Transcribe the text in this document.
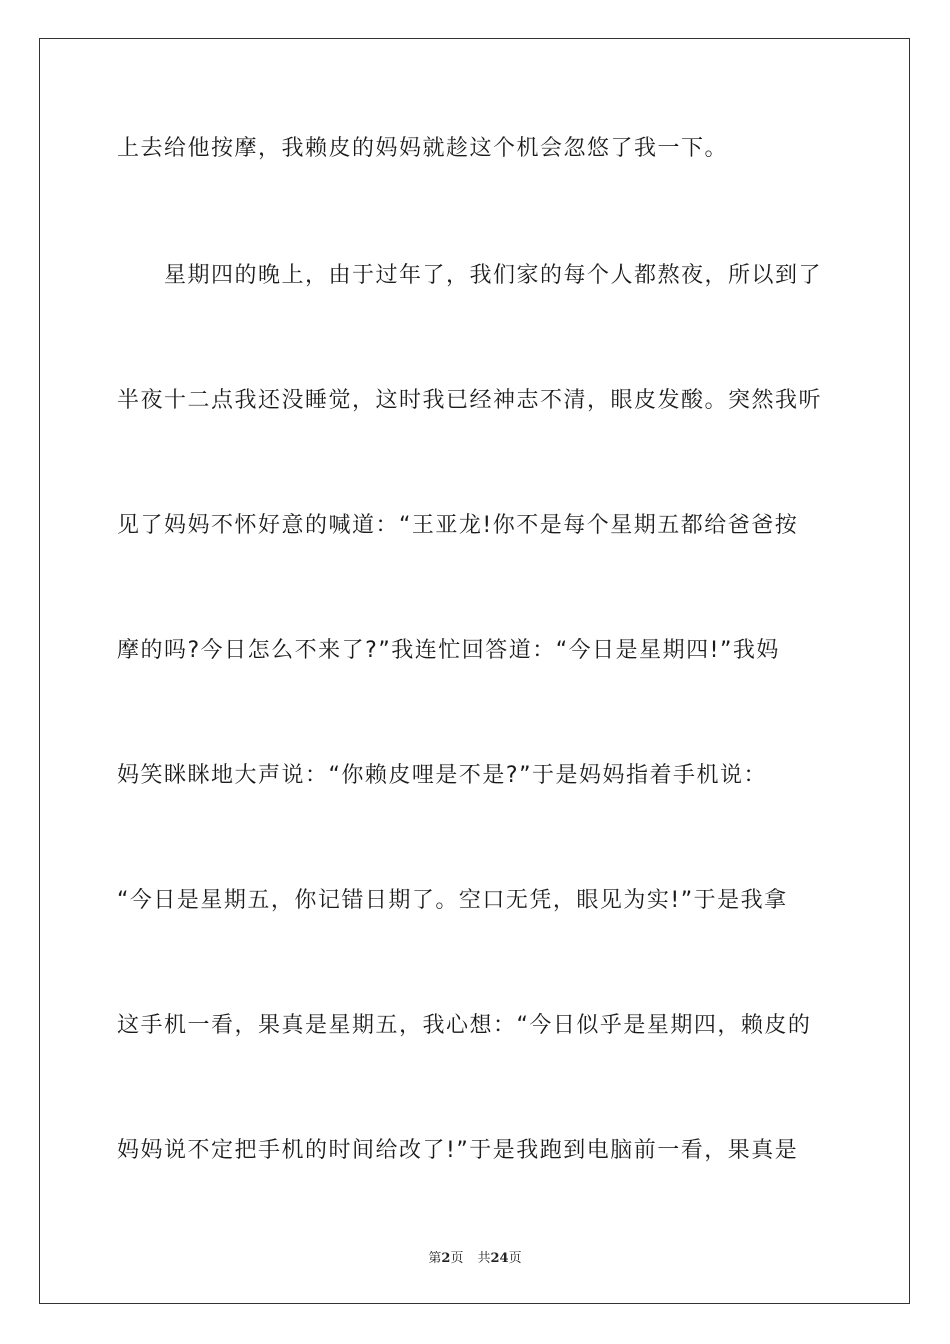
上去给他按摩，我赖皮的妈妈就趁这个机会忽悠了我一下。
星期四的晚上，由于过年了，我们家的每个人都熬夜，所以到了
半夜十二点我还没睡觉，这时我已经神志不清，眼皮发酸。突然我听
见了妈妈不怀好意的喊道：“王亚龙!你不是每个星期五都给爸爸按
摩的吗?今日怎么不来了?”我连忙回答道：“今日是星期四!”我妈
妈笑眯眯地大声说：“你赖皮哩是不是?”于是妈妈指着手机说：
“今日是星期五，你记错日期了。空口无凭，眼见为实!”于是我拿
这手机一看，果真是星期五，我心想：“今日似乎是星期四，赖皮的
妈妈说不定把手机的时间给改了!”于是我跑到电脑前一看，果真是
第2页 共24页
